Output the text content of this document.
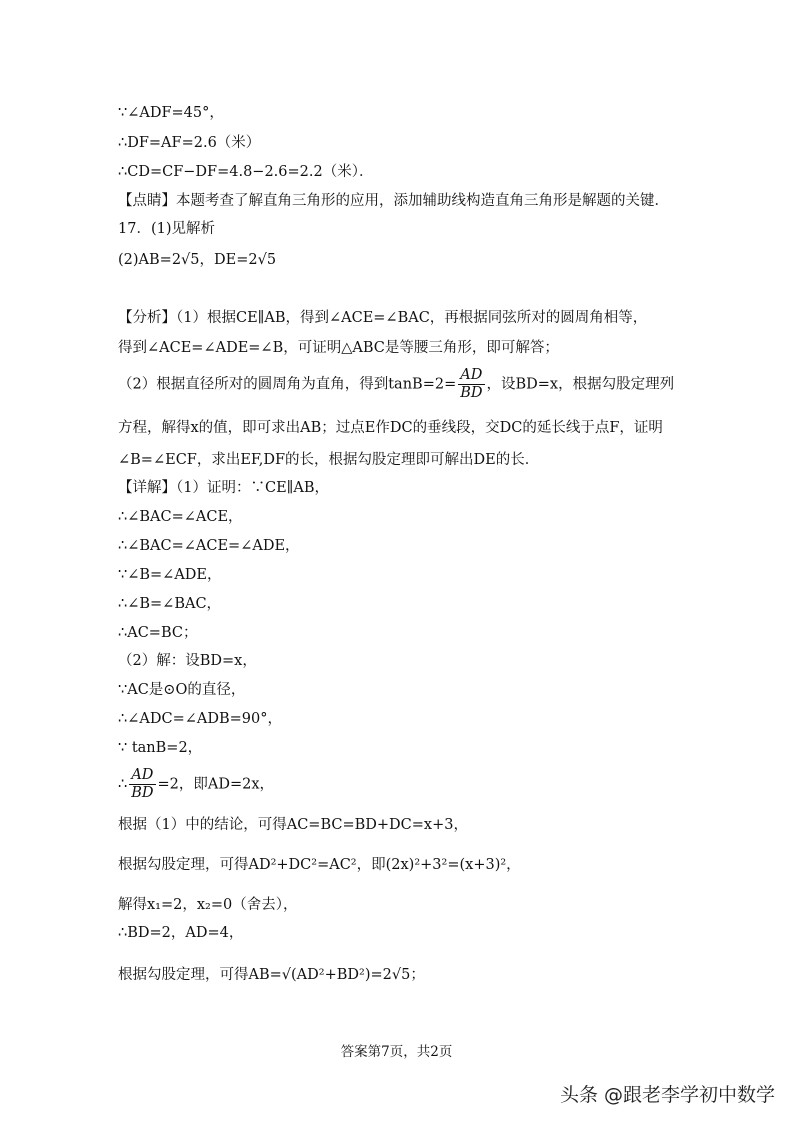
∵∠ADF=45°，
∴DF=AF=2.6（米）
∴CD=CF−DF=4.8−2.6=2.2（米）．
【点睛】本题考查了解直角三角形的应用，添加辅助线构造直角三角形是解题的关键．
17．(1)见解析
(2)AB=2√5，DE=2√5
【分析】（1）根据CE∥AB，得到∠ACE=∠BAC，再根据同弦所对的圆周角相等，
得到∠ACE=∠ADE=∠B，可证明△ABC是等腰三角形，即可解答；
（2）根据直径所对的圆周角为直角，得到$\tan B=2= \frac{AD}{BD}$ ，设BD=x，根据勾股定理列
方程，解得x的值，即可求出AB；过点E作DC的垂线段，交DC的延长线于点F，证明
∠B=∠ECF，求出EF,DF的长，根据勾股定理即可解出DE的长．
【详解】（1）证明：∵CE∥AB，
∴∠BAC=∠ACE，
∴∠BAC=∠ACE=∠ADE，
∵∠B=∠ADE，
∴∠B=∠BAC，
∴AC=BC；
（2）解：设BD=x，
∵AC是⊙O的直径，
∴∠ADC=∠ADB=90°，
∵ tanB=2，
∴ $\frac{AD}{BD} =2$，即AD=2x，
根据（1）中的结论，可得AC=BC=BD+DC=x+3，
根据勾股定理，可得AD²+DC²=AC²，即(2x)²+3²=(x+3)²，
解得x₁=2，x₂=0（舍去），
∴BD=2，AD=4，
根据勾股定理，可得AB=√(AD²+BD²)=2√5；
答案第7页，共2页
头条 @跟老李学初中数学
